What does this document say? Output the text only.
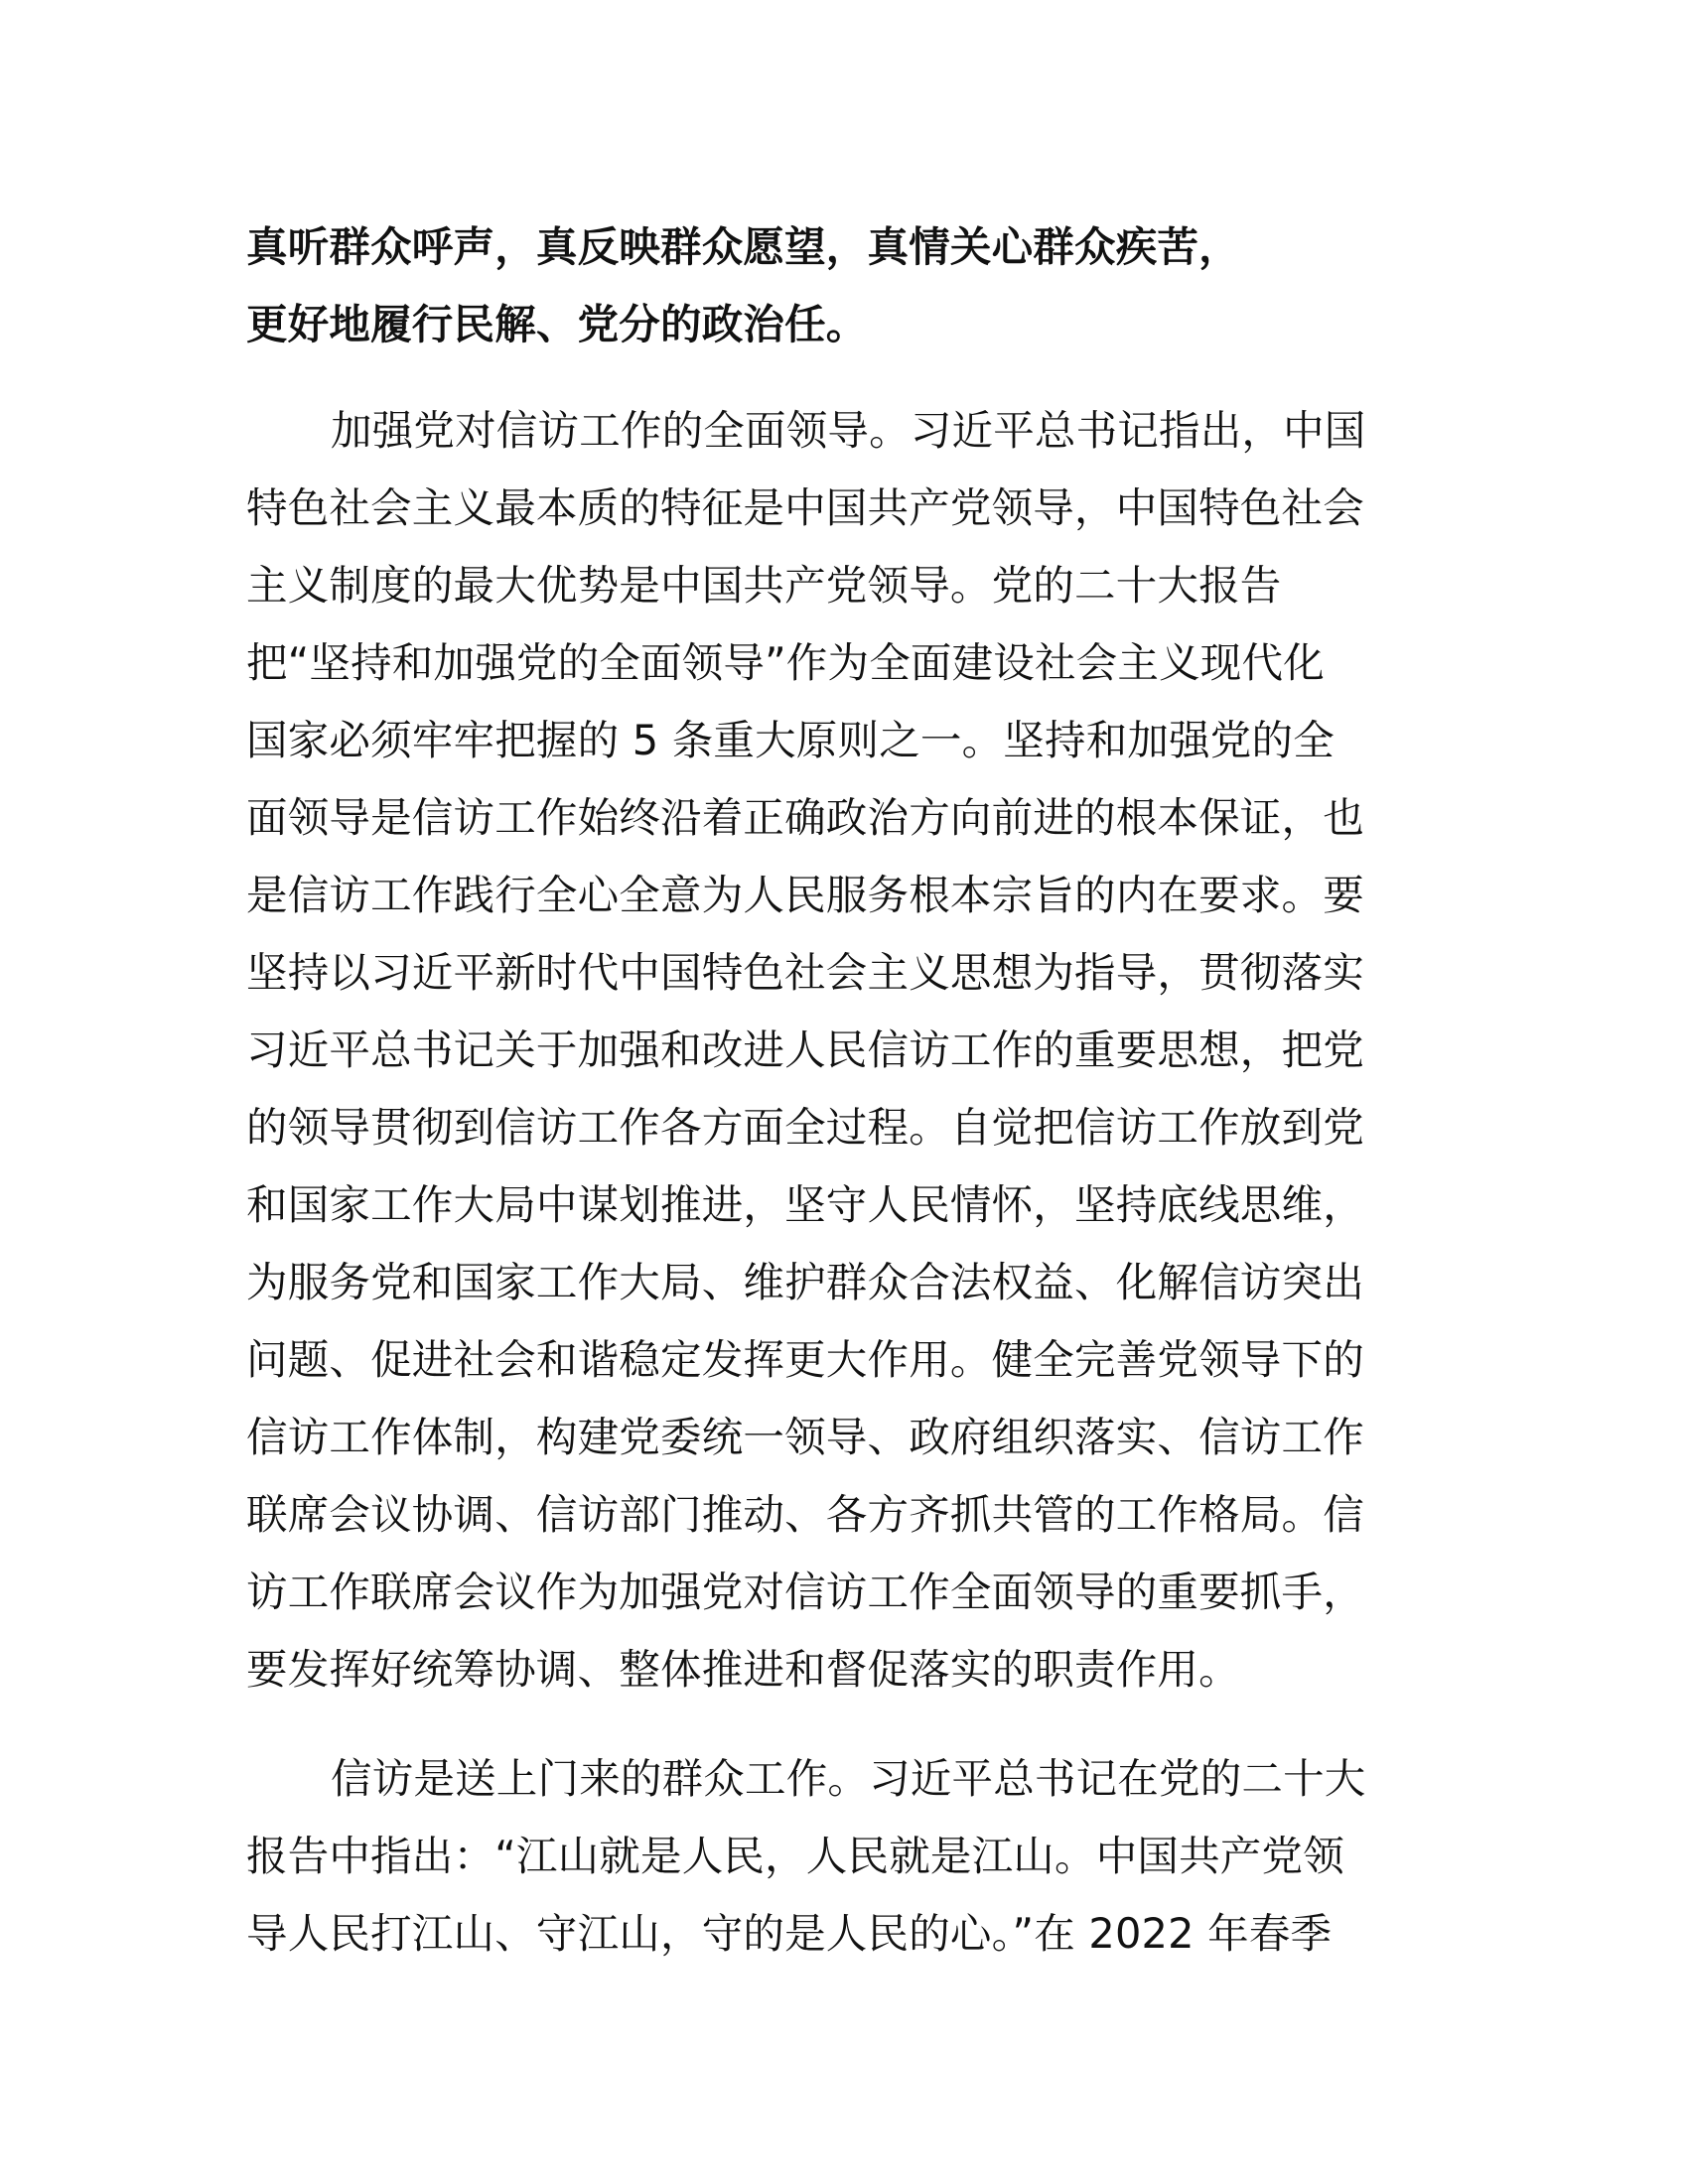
真听群众呼声，真反映群众愿望，真情关心群众疾苦，
更好地履行民解、党分的政治任。
加强党对信访工作的全面领导。习近平总书记指出，中国
特色社会主义最本质的特征是中国共产党领导，中国特色社会
主义制度的最大优势是中国共产党领导。党的二十大报告
把“坚持和加强党的全面领导”作为全面建设社会主义现代化
国家必须牢牢把握的 5 条重大原则之一。坚持和加强党的全
面领导是信访工作始终沿着正确政治方向前进的根本保证，也
是信访工作践行全心全意为人民服务根本宗旨的内在要求。要
坚持以习近平新时代中国特色社会主义思想为指导，贯彻落实
习近平总书记关于加强和改进人民信访工作的重要思想，把党
的领导贯彻到信访工作各方面全过程。自觉把信访工作放到党
和国家工作大局中谋划推进，坚守人民情怀，坚持底线思维，
为服务党和国家工作大局、维护群众合法权益、化解信访突出
问题、促进社会和谐稳定发挥更大作用。健全完善党领导下的
信访工作体制，构建党委统一领导、政府组织落实、信访工作
联席会议协调、信访部门推动、各方齐抓共管的工作格局。信
访工作联席会议作为加强党对信访工作全面领导的重要抓手，
要发挥好统筹协调、整体推进和督促落实的职责作用。
信访是送上门来的群众工作。习近平总书记在党的二十大
报告中指出：“江山就是人民，人民就是江山。中国共产党领
导人民打江山、守江山，守的是人民的心。”在 2022 年春季
